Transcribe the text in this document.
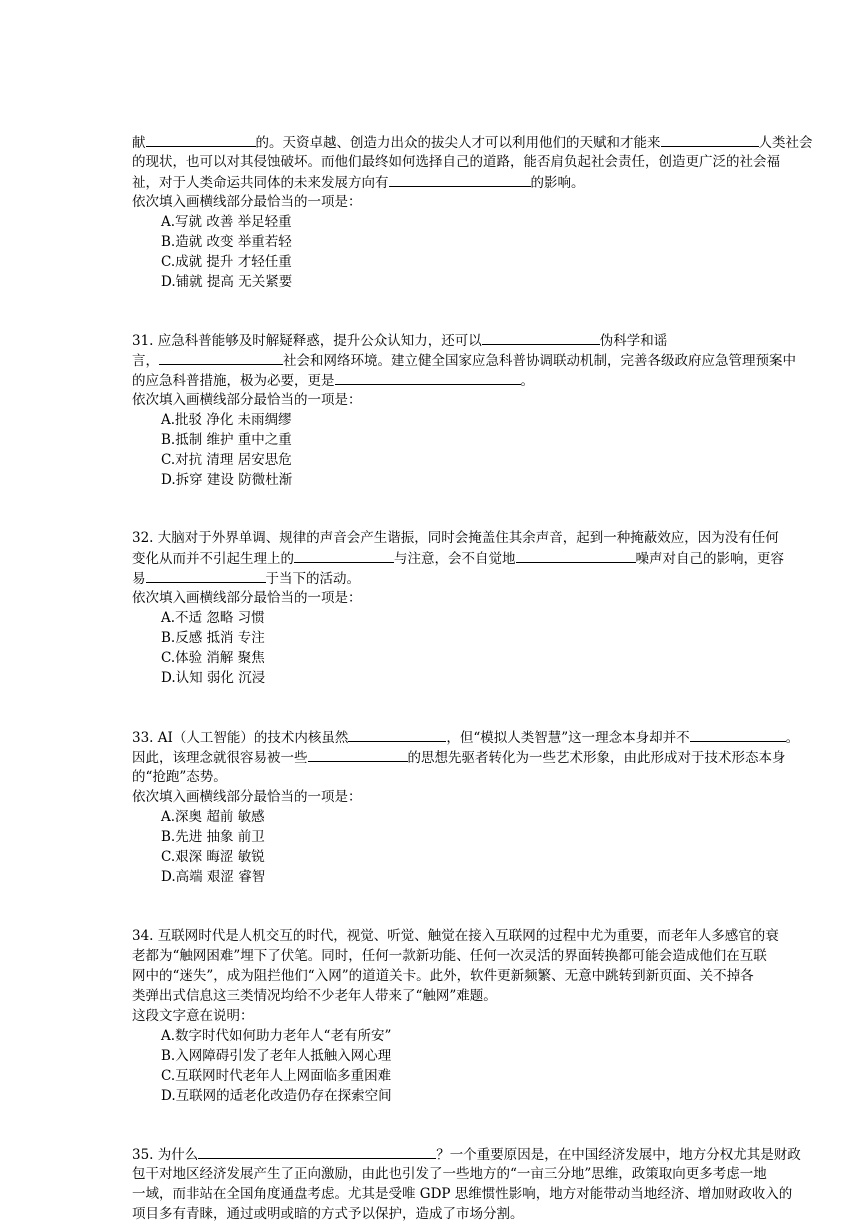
献	的。天资卓越、创造力出众的拔尖人才可以利用他们的天赋和才能来	人类社会
的现状，也可以对其侵蚀破坏。而他们最终如何选择自己的道路，能否肩负起社会责任，创造更广泛的社会福
祉，对于人类命运共同体的未来发展方向有	的影响。
依次填入画横线部分最恰当的一项是：
A.写就 改善 举足轻重
B.造就 改变 举重若轻
C.成就 提升 才轻任重
D.铺就 提高 无关紧要
31. 应急科普能够及时解疑释惑，提升公众认知力，还可以	伪科学和谣
言，	社会和网络环境。建立健全国家应急科普协调联动机制，完善各级政府应急管理预案中
的应急科普措施，极为必要，更是	。
依次填入画横线部分最恰当的一项是：
A.批驳 净化 未雨绸缪
B.抵制 维护 重中之重
C.对抗 清理 居安思危
D.拆穿 建设 防微杜渐
32. 大脑对于外界单调、规律的声音会产生谐振，同时会掩盖住其余声音，起到一种掩蔽效应，因为没有任何
变化从而并不引起生理上的	与注意，会不自觉地	噪声对自己的影响，更容
易	于当下的活动。
依次填入画横线部分最恰当的一项是：
A.不适 忽略 习惯
B.反感 抵消 专注
C.体验 消解 聚焦
D.认知 弱化 沉浸
33. AI（人工智能）的技术内核虽然	，但“模拟人类智慧”这一理念本身却并不	。
因此，该理念就很容易被一些	的思想先驱者转化为一些艺术形象，由此形成对于技术形态本身
的“抢跑”态势。
依次填入画横线部分最恰当的一项是：
A.深奥 超前 敏感
B.先进 抽象 前卫
C.艰深 晦涩 敏锐
D.高端 艰涩 睿智
34. 互联网时代是人机交互的时代，视觉、听觉、触觉在接入互联网的过程中尤为重要，而老年人多感官的衰
老都为“触网困难”埋下了伏笔。同时，任何一款新功能、任何一次灵活的界面转换都可能会造成他们在互联
网中的“迷失”，成为阻拦他们“入网”的道道关卡。此外，软件更新频繁、无意中跳转到新页面、关不掉各
类弹出式信息这三类情况均给不少老年人带来了“触网”难题。
这段文字意在说明：
A.数字时代如何助力老年人“老有所安”
B.入网障碍引发了老年人抵触入网心理
C.互联网时代老年人上网面临多重困难
D.互联网的适老化改造仍存在探索空间
35. 为什么	？一个重要原因是，在中国经济发展中，地方分权尤其是财政
包干对地区经济发展产生了正向激励，由此也引发了一些地方的“一亩三分地”思维，政策取向更多考虑一地
一域，而非站在全国角度通盘考虑。尤其是受唯 GDP 思维惯性影响，地方对能带动当地经济、增加财政收入的
项目多有青睐，通过或明或暗的方式予以保护，造成了市场分割。
